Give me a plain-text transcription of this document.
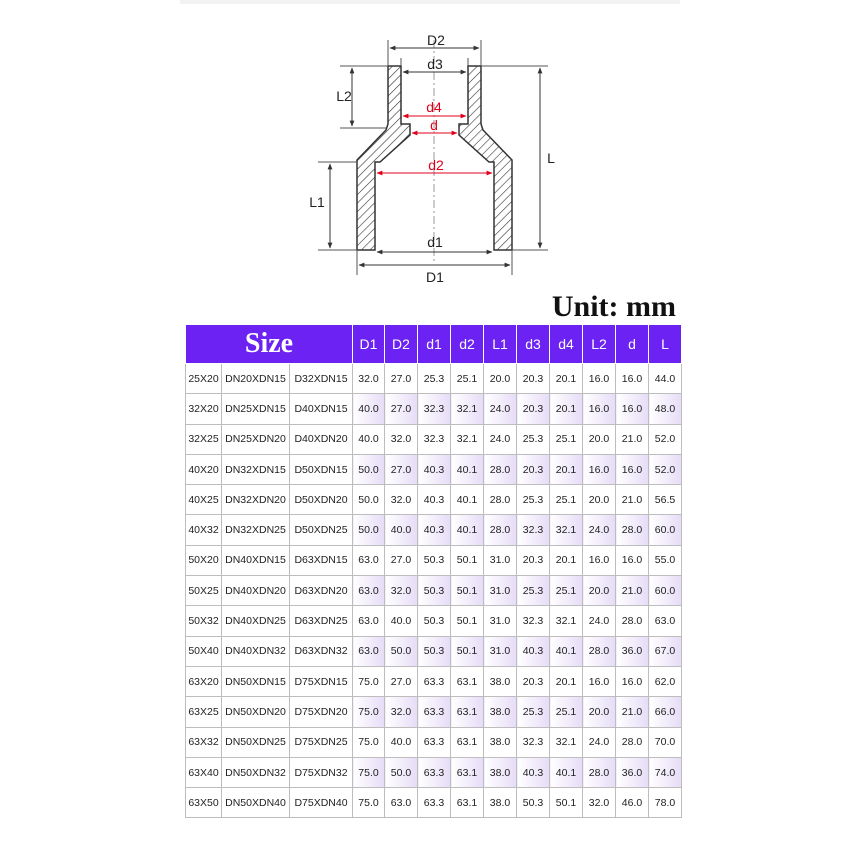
D2
d3
L2
d4
d
d2	L
L1
d1
D1
Unit: mm
Size			D1	D2	d1	d2	L1	d3	d4	L2	d	L
25X20	DN20XDN15	D32XDN15	32.0	27.0	25.3	25.1	20.0	20.3	20.1	16.0	16.0	44.0
32X20	DN25XDN15	D40XDN15	40.0	27.0	32.3	32.1	24.0	20.3	20.1	16.0	16.0	48.0
32X25	DN25XDN20	D40XDN20	40.0	32.0	32.3	32.1	24.0	25.3	25.1	20.0	21.0	52.0
40X20	DN32XDN15	D50XDN15	50.0	27.0	40.3	40.1	28.0	20.3	20.1	16.0	16.0	52.0
40X25	DN32XDN20	D50XDN20	50.0	32.0	40.3	40.1	28.0	25.3	25.1	20.0	21.0	56.5
40X32	DN32XDN25	D50XDN25	50.0	40.0	40.3	40.1	28.0	32.3	32.1	24.0	28.0	60.0
50X20	DN40XDN15	D63XDN15	63.0	27.0	50.3	50.1	31.0	20.3	20.1	16.0	16.0	55.0
50X25	DN40XDN20	D63XDN20	63.0	32.0	50.3	50.1	31.0	25.3	25.1	20.0	21.0	60.0
50X32	DN40XDN25	D63XDN25	63.0	40.0	50.3	50.1	31.0	32.3	32.1	24.0	28.0	63.0
50X40	DN40XDN32	D63XDN32	63.0	50.0	50.3	50.1	31.0	40.3	40.1	28.0	36.0	67.0
63X20	DN50XDN15	D75XDN15	75.0	27.0	63.3	63.1	38.0	20.3	20.1	16.0	16.0	62.0
63X25	DN50XDN20	D75XDN20	75.0	32.0	63.3	63.1	38.0	25.3	25.1	20.0	21.0	66.0
63X32	DN50XDN25	D75XDN25	75.0	40.0	63.3	63.1	38.0	32.3	32.1	24.0	28.0	70.0
63X40	DN50XDN32	D75XDN32	75.0	50.0	63.3	63.1	38.0	40.3	40.1	28.0	36.0	74.0
63X50	DN50XDN40	D75XDN40	75.0	63.0	63.3	63.1	38.0	50.3	50.1	32.0	46.0	78.0
